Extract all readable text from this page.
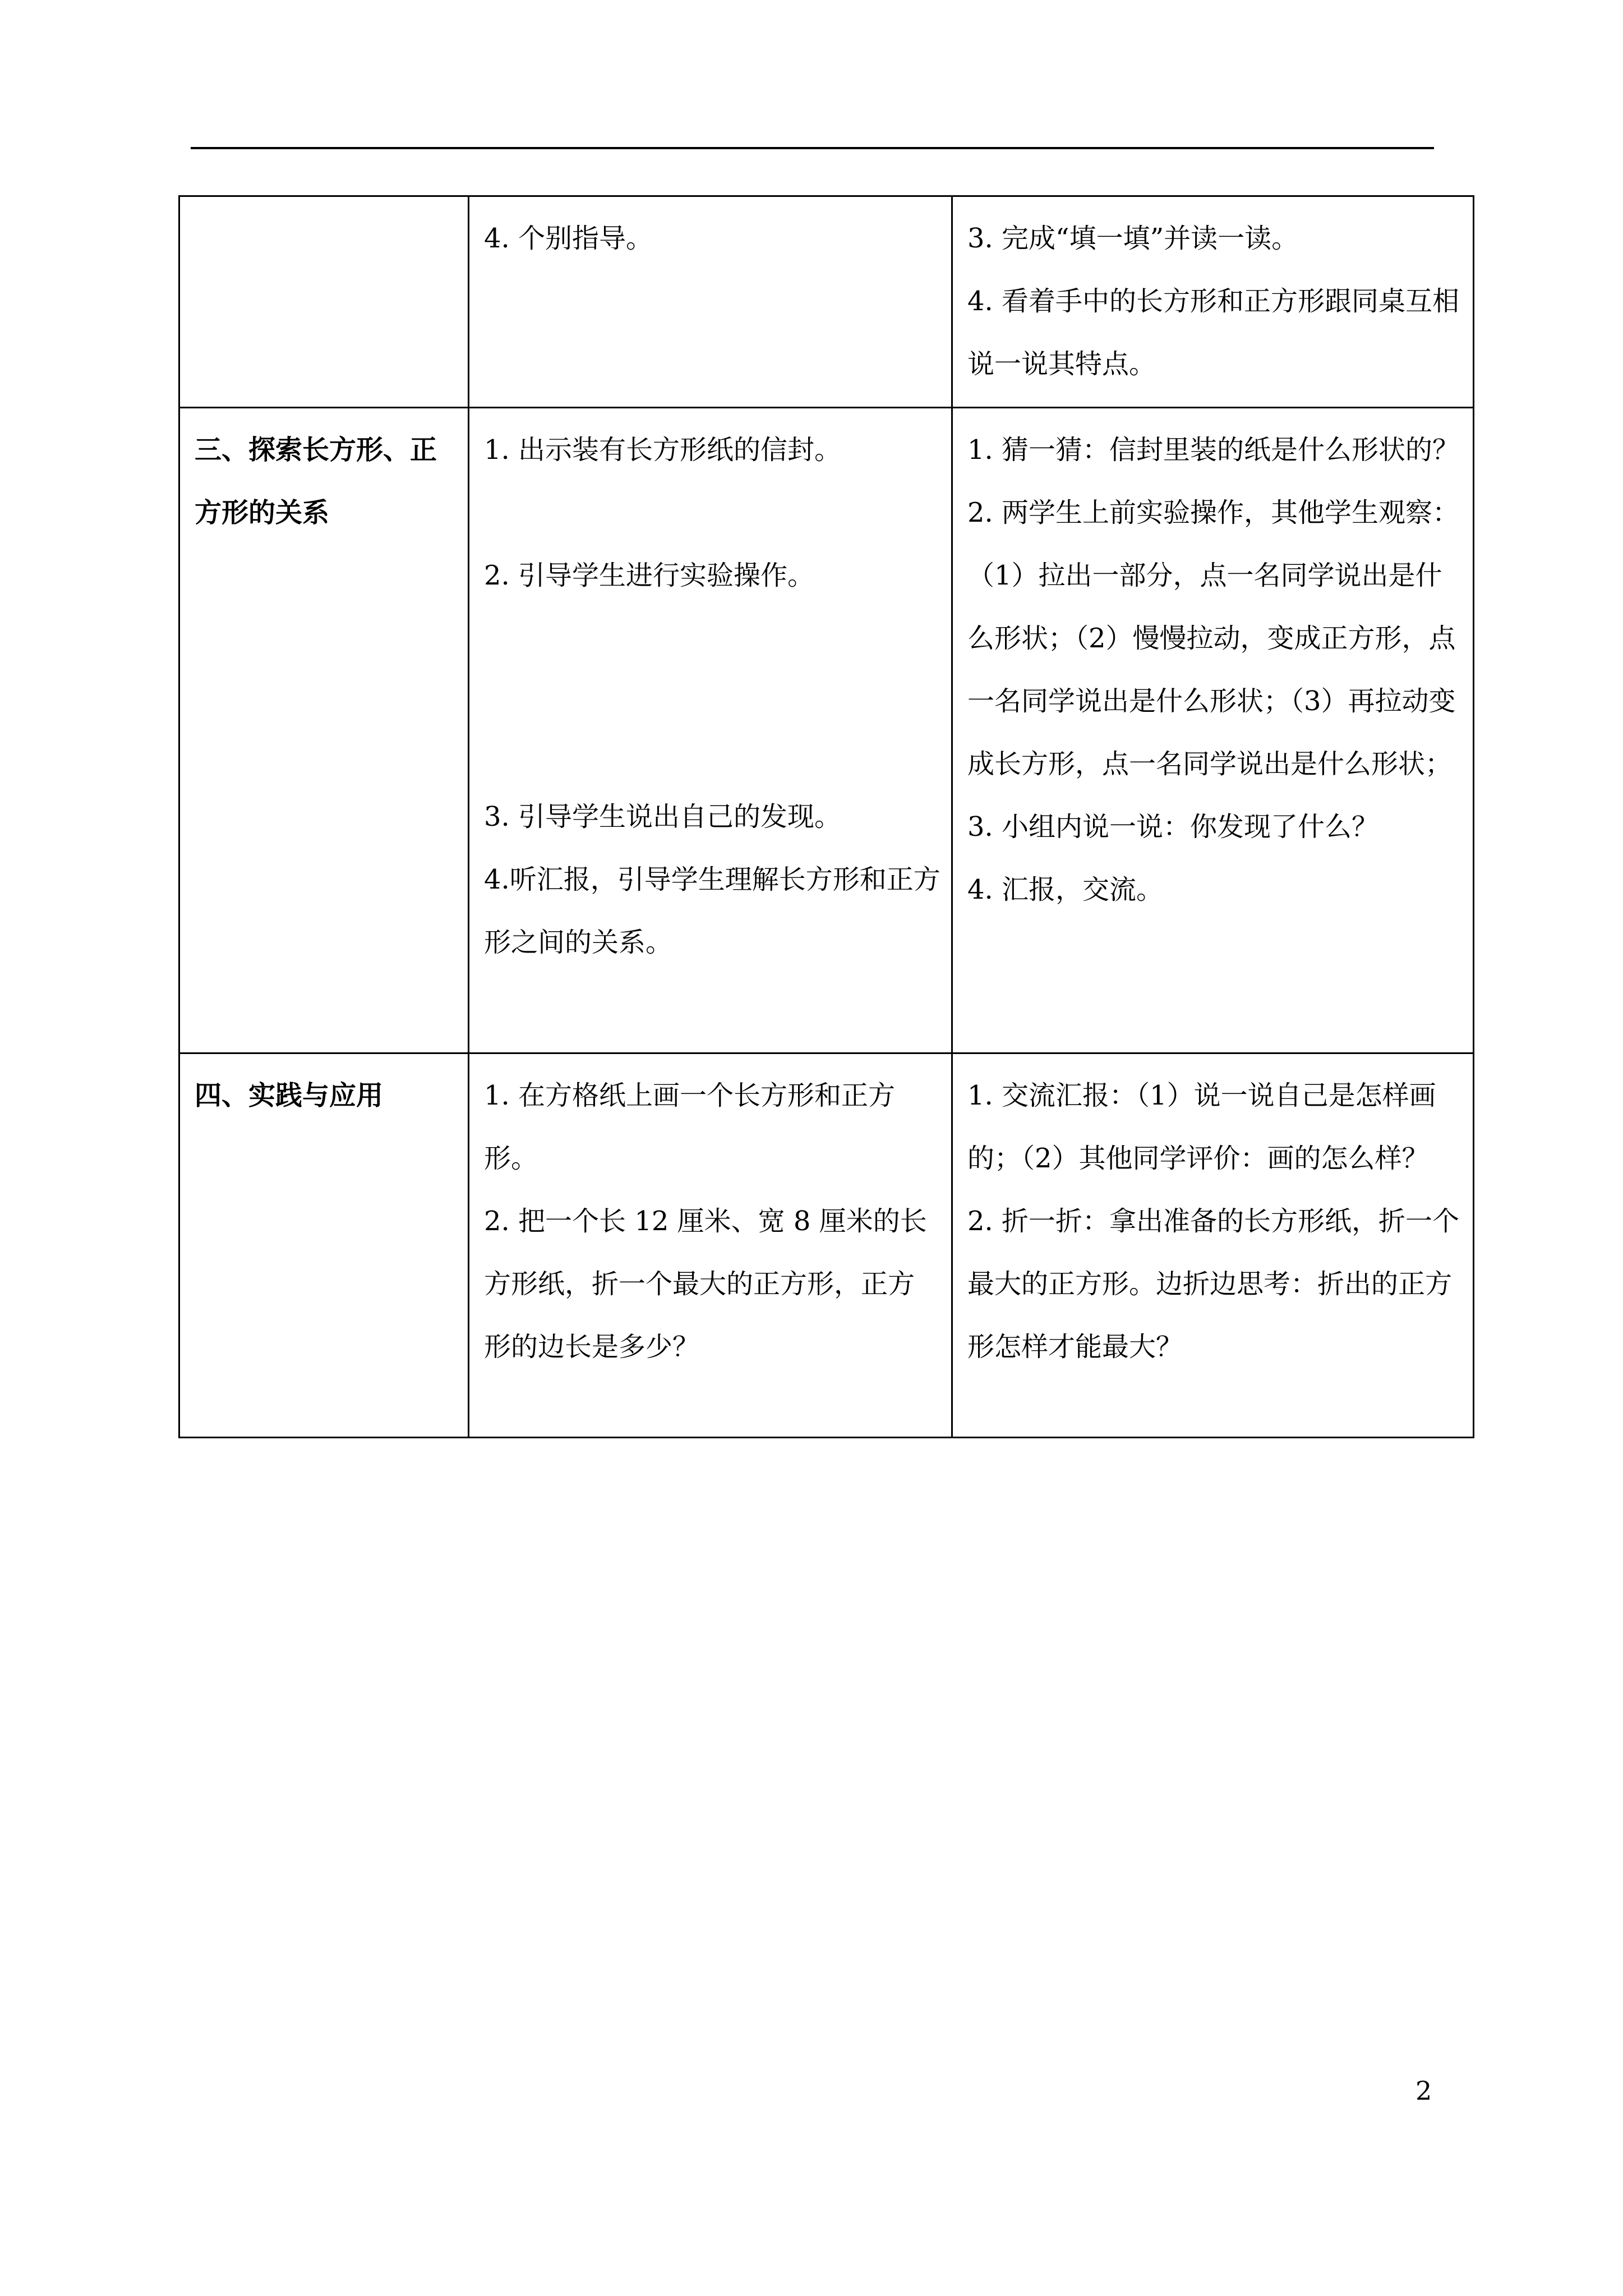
	4. 个别指导。	3. 完成“填一填”并读一读。
4. 看着手中的长方形和正方形跟同桌互相说一说其特点。

三、探索长方形、正方形的关系	1. 出示装有长方形纸的信封。
2. 引导学生进行实验操作。
3. 引导学生说出自己的发现。
4.听汇报，引导学生理解长方形和正方形之间的关系。	1. 猜一猜：信封里装的纸是什么形状的？
2. 两学生上前实验操作，其他学生观察：（1）拉出一部分，点一名同学说出是什么形状；（2）慢慢拉动，变成正方形，点一名同学说出是什么形状；（3）再拉动变成长方形，点一名同学说出是什么形状；
3. 小组内说一说：你发现了什么？
4. 汇报，交流。

四、实践与应用	1. 在方格纸上画一个长方形和正方形。
2. 把一个长 12 厘米、宽 8 厘米的长方形纸，折一个最大的正方形，正方形的边长是多少？	1. 交流汇报：（1）说一说自己是怎样画的；（2）其他同学评价：画的怎么样？
2. 折一折：拿出准备的长方形纸，折一个最大的正方形。边折边思考：折出的正方形怎样才能最大？
2
